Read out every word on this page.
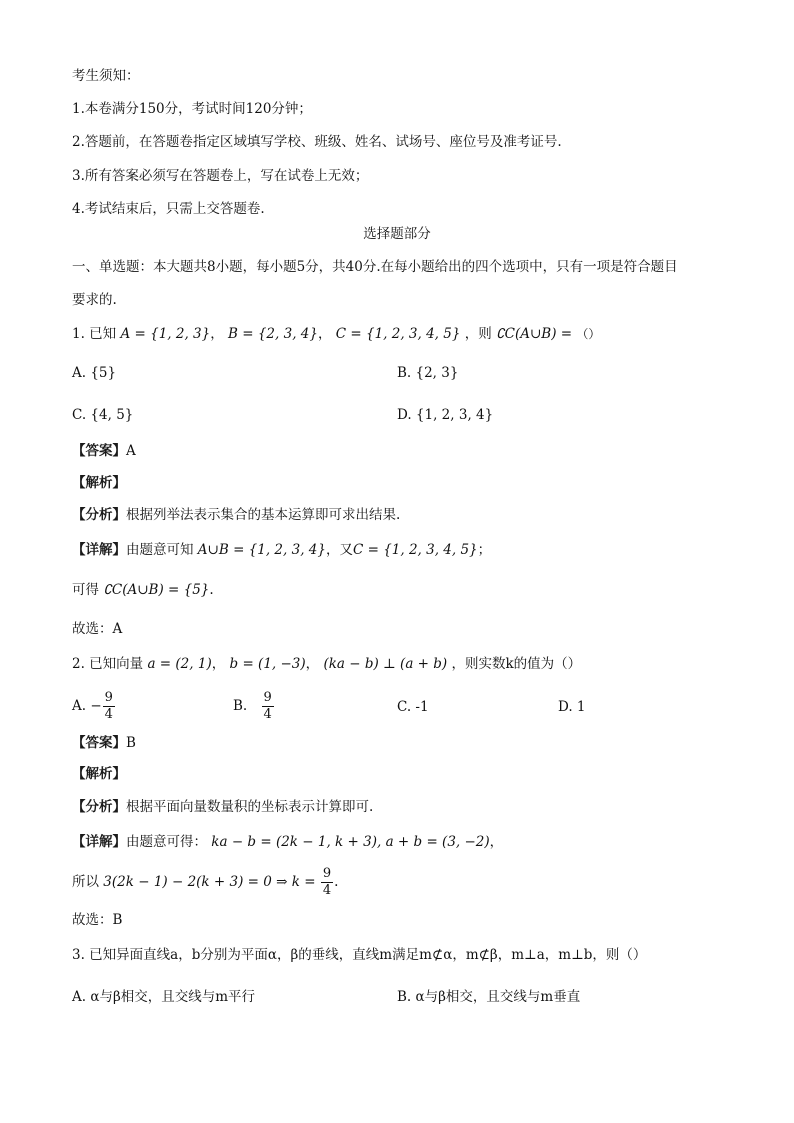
考生须知：
1.本卷满分150分，考试时间120分钟；
2.答题前，在答题卷指定区域填写学校、班级、姓名、试场号、座位号及准考证号.
3.所有答案必须写在答题卷上，写在试卷上无效；
4.考试结束后，只需上交答题卷.
选择题部分
一、单选题：本大题共8小题，每小题5分，共40分.在每小题给出的四个选项中，只有一项是符合题目
要求的.
1. 已知 A = {1, 2, 3}， B = {2, 3, 4}， C = {1, 2, 3, 4, 5} ，则 ∁C(A∪B) = （）
A. {5}	B. {2, 3}
C. {4, 5}	D. {1, 2, 3, 4}
【答案】A
【解析】
【分析】根据列举法表示集合的基本运算即可求出结果.
【详解】由题意可知 A∪B = {1, 2, 3, 4}，又C = {1, 2, 3, 4, 5}；
可得 ∁C(A∪B) = {5}.
故选：A
2. 已知向量 a = (2, 1)， b = (1, −3)， (ka − b) ⊥ (a + b) ，则实数k的值为（）
A. − $\frac{9}{4}$	B. $\frac{9}{4}$	C. -1	D. 1
【答案】B
【解析】
【分析】根据平面向量数量积的坐标表示计算即可.
【详解】由题意可得： ka − b = (2k − 1, k + 3), a + b = (3, −2)，
所以 3(2k − 1) − 2(k + 3) = 0 ⇒ $k = \frac{9}{4}$ .
故选：B
3. 已知异面直线a，b分别为平面α，β的垂线，直线m满足m⊄α，m⊄β，m⊥a，m⊥b，则（）
A. α与β相交，且交线与m平行	B. α与β相交，且交线与m垂直
